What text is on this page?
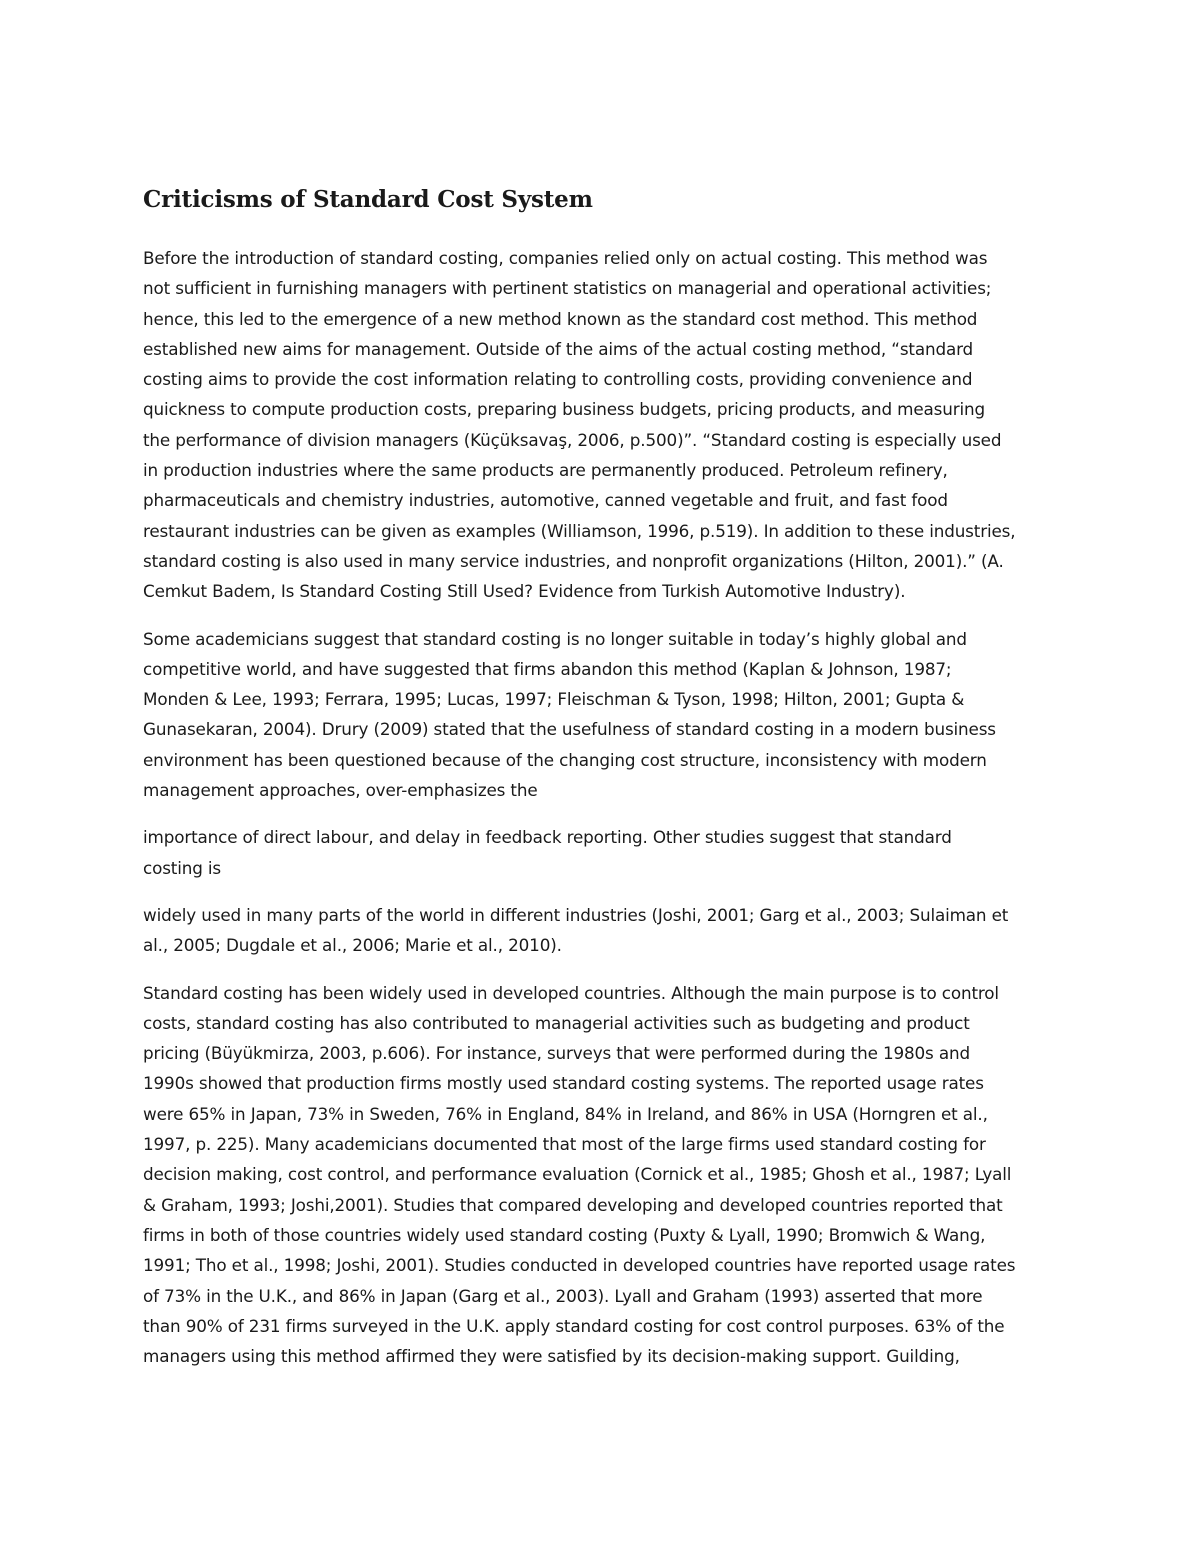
Criticisms of Standard Cost System

Before the introduction of standard costing, companies relied only on actual costing. This method was
not sufficient in furnishing managers with pertinent statistics on managerial and operational activities;
hence, this led to the emergence of a new method known as the standard cost method. This method
established new aims for management. Outside of the aims of the actual costing method, “standard
costing aims to provide the cost information relating to controlling costs, providing convenience and
quickness to compute production costs, preparing business budgets, pricing products, and measuring
the performance of division managers (Küçüksavaş, 2006, p.500)”. “Standard costing is especially used
in production industries where the same products are permanently produced. Petroleum refinery,
pharmaceuticals and chemistry industries, automotive, canned vegetable and fruit, and fast food
restaurant industries can be given as examples (Williamson, 1996, p.519). In addition to these industries,
standard costing is also used in many service industries, and nonprofit organizations (Hilton, 2001).” (A.
Cemkut Badem, Is Standard Costing Still Used? Evidence from Turkish Automotive Industry).

Some academicians suggest that standard costing is no longer suitable in today’s highly global and
competitive world, and have suggested that firms abandon this method (Kaplan & Johnson, 1987;
Monden & Lee, 1993; Ferrara, 1995; Lucas, 1997; Fleischman & Tyson, 1998; Hilton, 2001; Gupta &
Gunasekaran, 2004). Drury (2009) stated that the usefulness of standard costing in a modern business
environment has been questioned because of the changing cost structure, inconsistency with modern
management approaches, over-emphasizes the

importance of direct labour, and delay in feedback reporting. Other studies suggest that standard
costing is

widely used in many parts of the world in different industries (Joshi, 2001; Garg et al., 2003; Sulaiman et
al., 2005; Dugdale et al., 2006; Marie et al., 2010).

Standard costing has been widely used in developed countries. Although the main purpose is to control
costs, standard costing has also contributed to managerial activities such as budgeting and product
pricing (Büyükmirza, 2003, p.606). For instance, surveys that were performed during the 1980s and
1990s showed that production firms mostly used standard costing systems. The reported usage rates
were 65% in Japan, 73% in Sweden, 76% in England, 84% in Ireland, and 86% in USA (Horngren et al.,
1997, p. 225). Many academicians documented that most of the large firms used standard costing for
decision making, cost control, and performance evaluation (Cornick et al., 1985; Ghosh et al., 1987; Lyall
& Graham, 1993; Joshi,2001). Studies that compared developing and developed countries reported that
firms in both of those countries widely used standard costing (Puxty & Lyall, 1990; Bromwich & Wang,
1991; Tho et al., 1998; Joshi, 2001). Studies conducted in developed countries have reported usage rates
of 73% in the U.K., and 86% in Japan (Garg et al., 2003). Lyall and Graham (1993) asserted that more
than 90% of 231 firms surveyed in the U.K. apply standard costing for cost control purposes. 63% of the
managers using this method affirmed they were satisfied by its decision-making support. Guilding,
